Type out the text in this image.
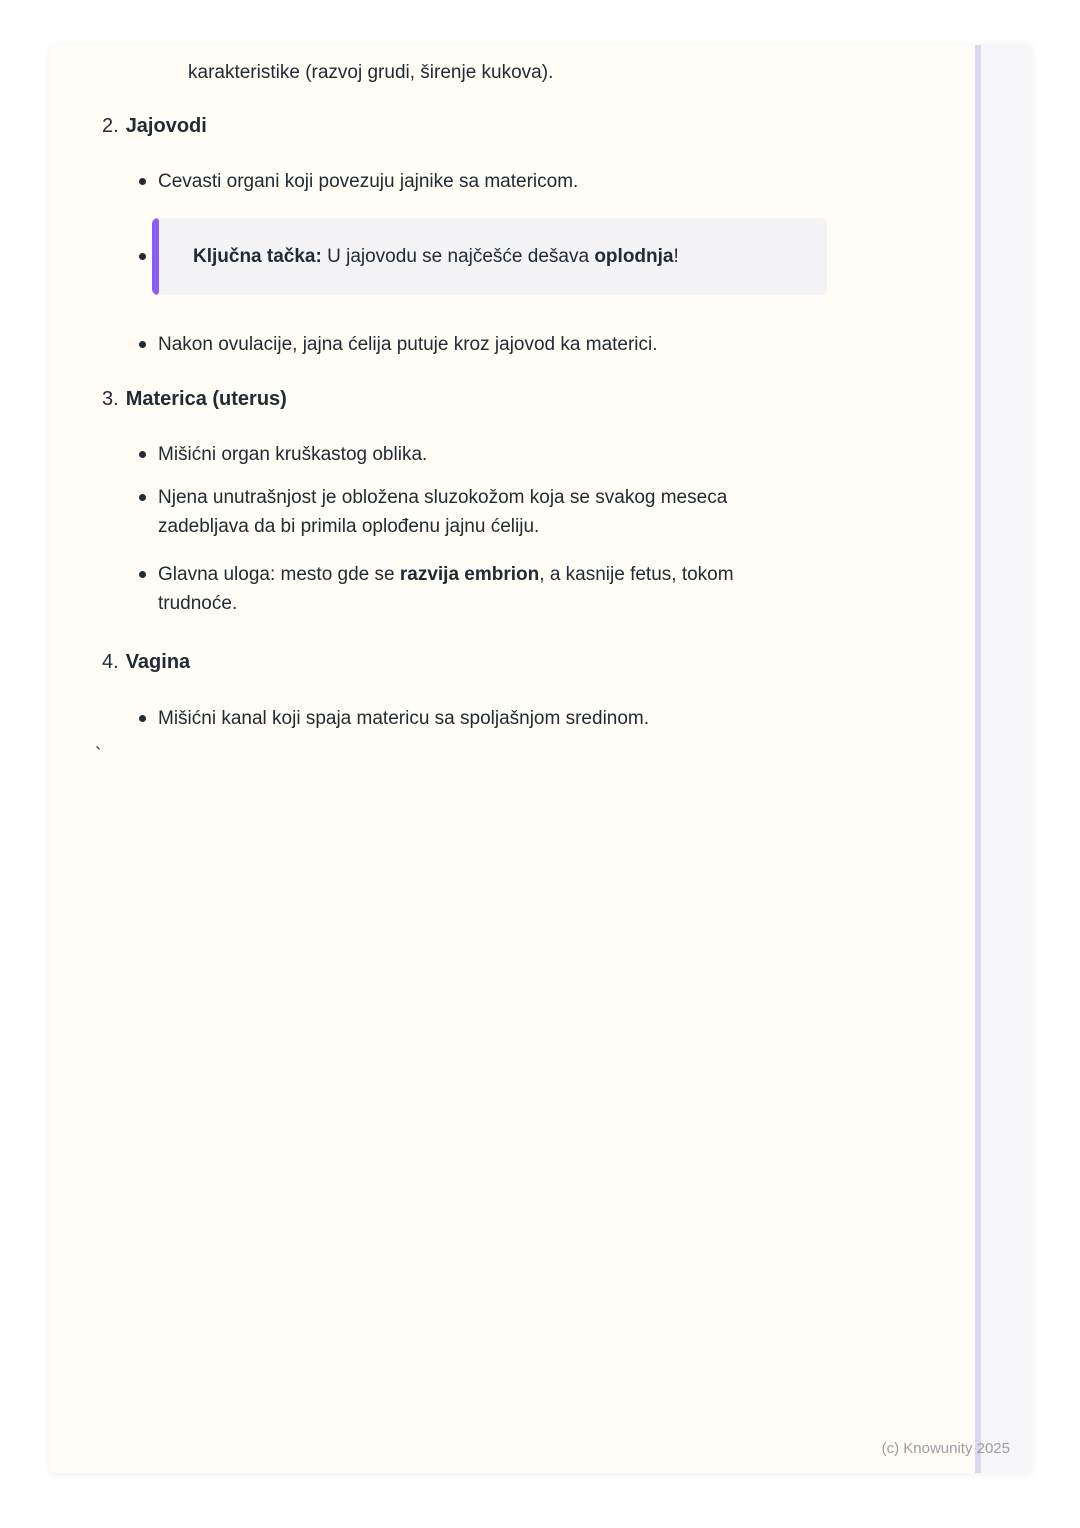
karakteristike (razvoj grudi, širenje kukova).

2. Jajovodi
Cevasti organi koji povezuju jajnike sa matericom.
Ključna tačka: U jajovodu se najčešće dešava oplodnja!
Nakon ovulacije, jajna ćelija putuje kroz jajovod ka materici.
3. Materica (uterus)
Mišićni organ kruškastog oblika.
Njena unutrašnjost je obložena sluzokožom koja se svakog meseca zadebljava da bi primila oplođenu jajnu ćeliju.
Glavna uloga: mesto gde se razvija embrion, a kasnije fetus, tokom trudnoće.
4. Vagina
Mišićni kanal koji spaja matericu sa spoljašnjom sredinom.
`
(c) Knowunity 2025
